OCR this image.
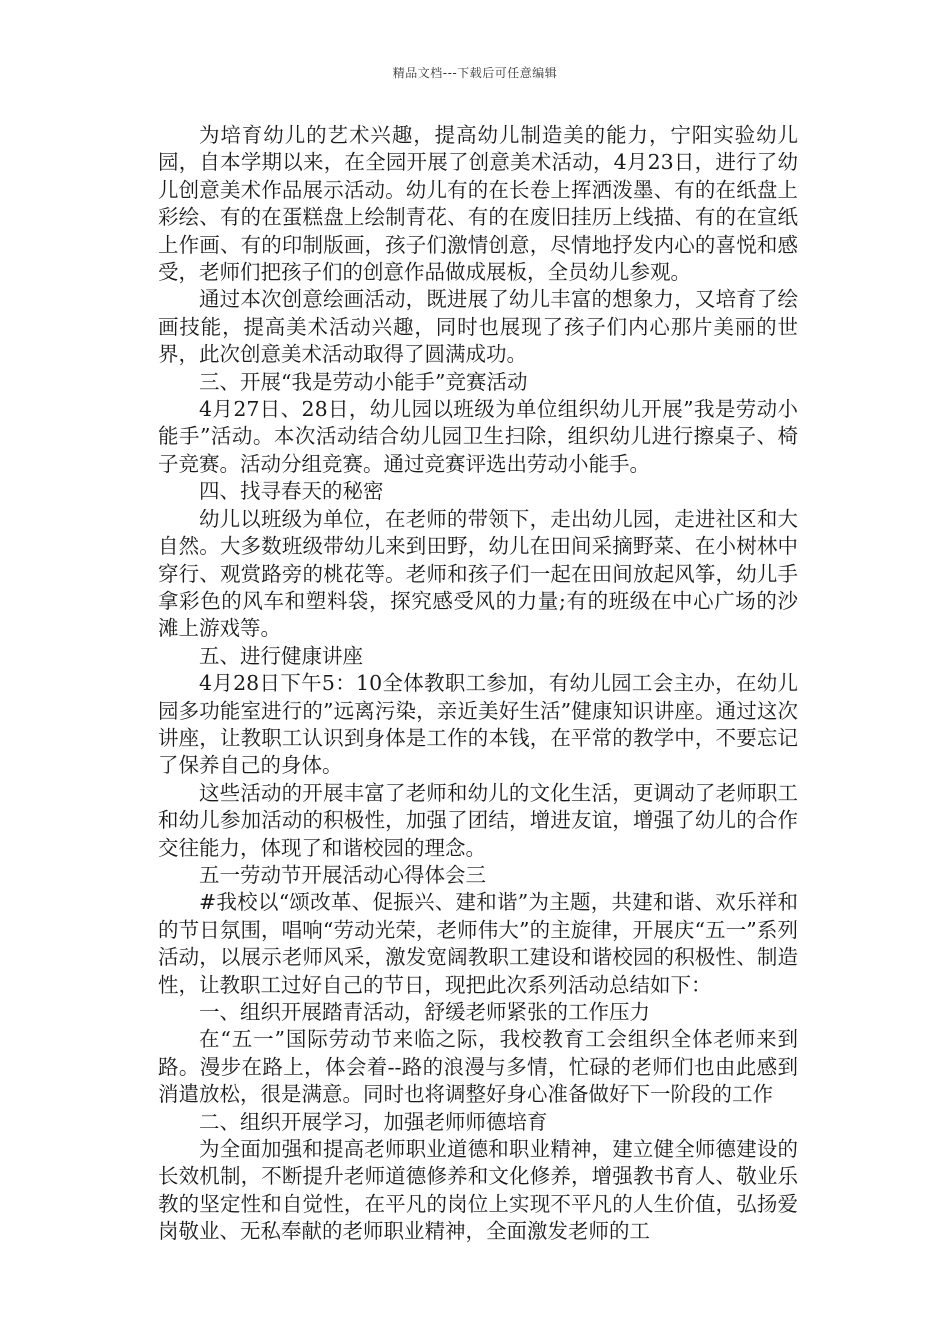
精品文档---下载后可任意编辑

为培育幼儿的艺术兴趣，提高幼儿制造美的能力，宁阳实验幼儿园，自本学期以来，在全园开展了创意美术活动，4月23日，进行了幼儿创意美术作品展示活动。幼儿有的在长卷上挥洒泼墨、有的在纸盘上彩绘、有的在蛋糕盘上绘制青花、有的在废旧挂历上线描、有的在宣纸上作画、有的印制版画，孩子们激情创意，尽情地抒发内心的喜悦和感受，老师们把孩子们的创意作品做成展板，全员幼儿参观。

通过本次创意绘画活动，既进展了幼儿丰富的想象力，又培育了绘画技能，提高美术活动兴趣，同时也展现了孩子们内心那片美丽的世界，此次创意美术活动取得了圆满成功。

三、开展“我是劳动小能手”竞赛活动

4月27日、28日，幼儿园以班级为单位组织幼儿开展”我是劳动小能手”活动。本次活动结合幼儿园卫生扫除，组织幼儿进行擦桌子、椅子竞赛。活动分组竞赛。通过竞赛评选出劳动小能手。

四、找寻春天的秘密

幼儿以班级为单位，在老师的带领下，走出幼儿园，走进社区和大自然。大多数班级带幼儿来到田野，幼儿在田间采摘野菜、在小树林中穿行、观赏路旁的桃花等。老师和孩子们一起在田间放起风筝，幼儿手拿彩色的风车和塑料袋，探究感受风的力量;有的班级在中心广场的沙滩上游戏等。

五、进行健康讲座

4月28日下午5：10全体教职工参加，有幼儿园工会主办，在幼儿园多功能室进行的”远离污染，亲近美好生活”健康知识讲座。通过这次讲座，让教职工认识到身体是工作的本钱，在平常的教学中，不要忘记了保养自己的身体。

这些活动的开展丰富了老师和幼儿的文化生活，更调动了老师职工和幼儿参加活动的积极性，加强了团结，增进友谊，增强了幼儿的合作交往能力，体现了和谐校园的理念。

五一劳动节开展活动心得体会三

#我校以“颂改革、促振兴、建和谐”为主题，共建和谐、欢乐祥和的节日氛围，唱响“劳动光荣，老师伟大”的主旋律，开展庆“五一”系列活动，以展示老师风采，激发宽阔教职工建设和谐校园的积极性、制造性，让教职工过好自己的节日，现把此次系列活动总结如下：

一、组织开展踏青活动，舒缓老师紧张的工作压力

在“五一”国际劳动节来临之际，我校教育工会组织全体老师来到路。漫步在路上，体会着--路的浪漫与多情，忙碌的老师们也由此感到消遣放松，很是满意。同时也将调整好身心准备做好下一阶段的工作

二、组织开展学习，加强老师师德培育

为全面加强和提高老师职业道德和职业精神，建立健全师德建设的长效机制，不断提升老师道德修养和文化修养，增强教书育人、敬业乐教的坚定性和自觉性，在平凡的岗位上实现不平凡的人生价值，弘扬爱岗敬业、无私奉献的老师职业精神，全面激发老师的工
